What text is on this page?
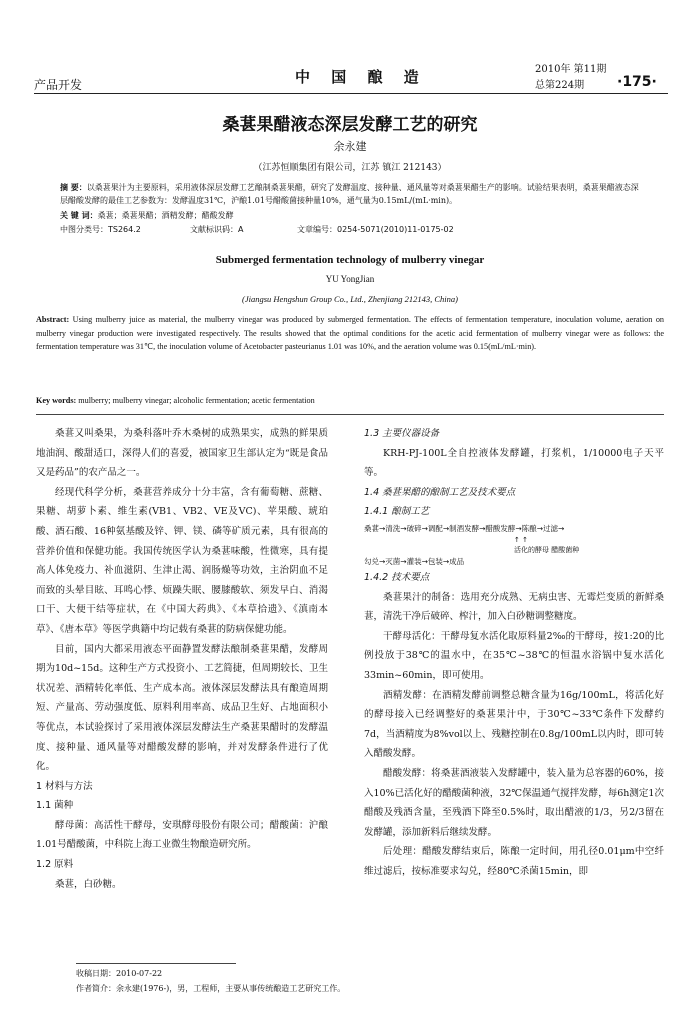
产品开发	中 国 酿 造	2010年 第11期
总第224期 ·175·
桑葚果醋液态深层发酵工艺的研究
余永建
（江苏恒顺集团有限公司，江苏 镇江 212143）
摘 要：以桑葚果汁为主要原料，采用液体深层发酵工艺酿制桑葚果醋，研究了发酵温度、接种量、通风量等对桑葚果醋生产的影响。试验结果表明，桑葚果醋液态深层醋酸发酵的最佳工艺参数为：发酵温度31℃，沪酿1.01号醋酸菌接种量10%，通气量为0.15mL/(mL·min)。
关 键 词：桑葚；桑葚果醋；酒精发酵；醋酸发酵
中图分类号：TS264.2	文献标识码：A	文章编号：0254-5071(2010)11-0175-02
Submerged fermentation technology of mulberry vinegar
YU YongJian
(Jiangsu Hengshun Group Co., Ltd., Zhenjiang 212143, China)
Abstract: Using mulberry juice as material, the mulberry vinegar was produced by submerged fermentation. The effects of fermentation temperature, inoculation volume, aeration on mulberry vinegar production were investigated respectively. The results showed that the optimal conditions for the acetic acid fermentation of mulberry vinegar were as follows: the fermentation temperature was 31℃, the inoculation volume of Acetobacter pasteurianus 1.01 was 10%, and the aeration volume was 0.15(mL/mL·min).
Key words: mulberry; mulberry vinegar; alcoholic fermentation; acetic fermentation

桑葚又叫桑果，为桑科落叶乔木桑树的成熟果实，成熟的鲜果质地油润、酸甜适口，深得人们的喜爱，被国家卫生部认定为“既是食品又是药品”的农产品之一。

经现代科学分析，桑葚营养成分十分丰富，含有葡萄糖、蔗糖、果糖、胡萝卜素、维生素(VB1、VB2、VE及VC)、苹果酸、琥珀酸、酒石酸、16种氨基酸及锌、钾、镁、磷等矿质元素，具有很高的营养价值和保健功能。我国传统医学认为桑葚味酸，性微寒，具有提高人体免疫力、补血滋阴、生津止渴、润肠燥等功效，主治阴血不足而致的头晕目眩、耳鸣心悸、烦躁失眠、腰膝酸软、须发早白、消渴口干、大便干结等症状，在《中国大药典》、《本草拾遗》、《滇南本草》、《唐本草》等医学典籍中均记载有桑葚的防病保健功能。

目前，国内大都采用液态平面静置发酵法酿制桑葚果醋，发酵周期为10d~15d。这种生产方式投资小、工艺简捷，但周期较长、卫生状况差、酒精转化率低、生产成本高。液体深层发酵法具有酿造周期短、产量高、劳动强度低、原料利用率高、成品卫生好、占地面积小等优点，本试验探讨了采用液体深层发酵法生产桑葚果醋时的发酵温度、接种量、通风量等对醋酸发酵的影响，并对发酵条件进行了优化。

1 材料与方法

1.1 菌种

酵母菌：高活性干酵母，安琪酵母股份有限公司；醋酸菌：沪酿1.01号醋酸菌，中科院上海工业微生物酿造研究所。

1.2 原料

桑葚，白砂糖。

1.3 主要仪器设备

KRH-PJ-100L全自控液体发酵罐，打浆机，1/10000电子天平等。

1.4 桑葚果醋的酿制工艺及技术要点

1.4.1 酿制工艺

桑葚→清洗→破碎→调配→制酒发酵→醋酸发酵→陈酿→过滤→
↑ ↑
活化的酵母 醋酸菌种
勾兑→灭菌→灌装→包装→成品

1.4.2 技术要点

桑葚果汁的制备：选用充分成熟、无病虫害、无霉烂变质的新鲜桑葚，清洗干净后破碎、榨汁，加入白砂糖调整糖度。

干酵母活化：干酵母复水活化取原料量2‰的干酵母，按1:20的比例投放于38℃的温水中，在35℃~38℃的恒温水浴锅中复水活化33min~60min，即可使用。

酒精发酵：在酒精发酵前调整总糖含量为16g/100mL，将活化好的酵母接入已经调整好的桑葚果汁中，于30℃~33℃条件下发酵约7d，当酒精度为8%vol以上、残糖控制在0.8g/100mL以内时，即可转入醋酸发酵。

醋酸发酵：将桑葚酒液装入发酵罐中，装入量为总容器的60%，接入10%已活化好的醋酸菌种液，32℃保温通气搅拌发酵，每6h测定1次醋酸及残酒含量，至残酒下降至0.5%时，取出醋液的1/3，另2/3留在发酵罐，添加新料后继续发酵。

后处理：醋酸发酵结束后，陈酿一定时间，用孔径0.01μm中空纤维过滤后，按标准要求勾兑，经80℃杀菌15min，即

收稿日期：2010-07-22
作者简介：余永建(1976-)，男，工程师，主要从事传统酿造工艺研究工作。
